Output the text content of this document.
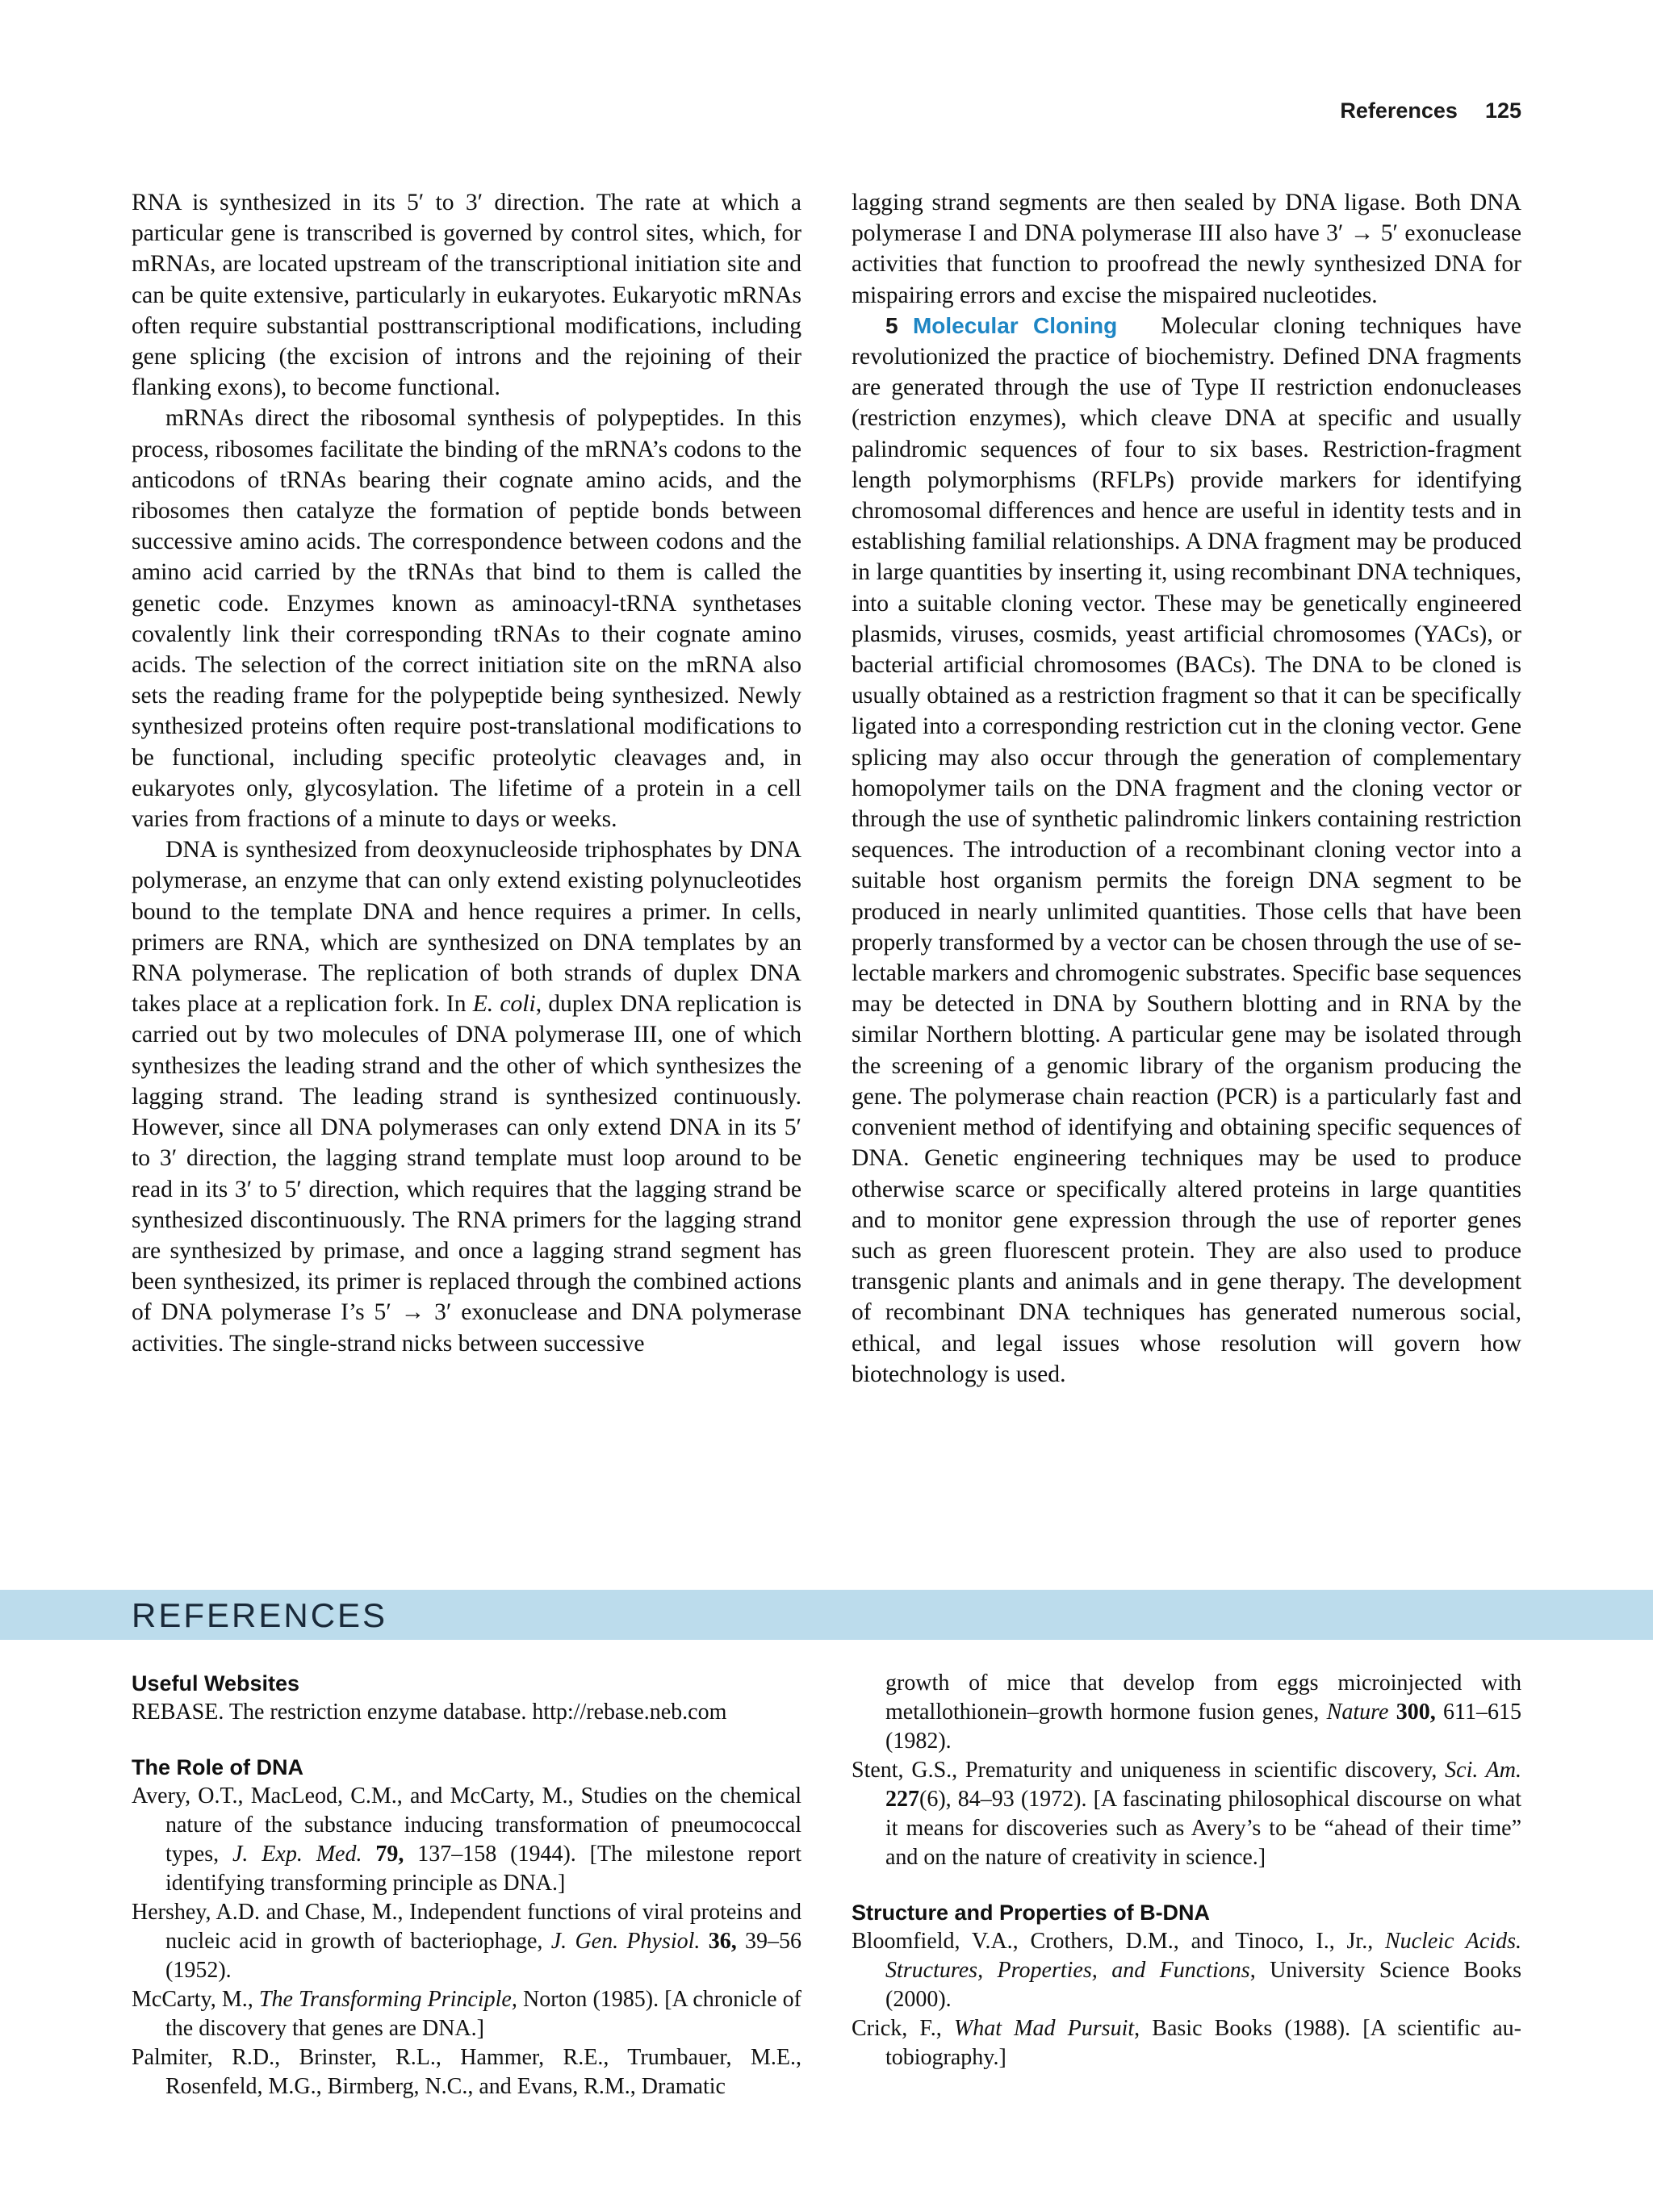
References 125

RNA is synthesized in its 5′ to 3′ direction. The rate at which a particular gene is transcribed is governed by control sites, which, for mRNAs, are located upstream of the transcriptional initiation site and can be quite extensive, particularly in eukaryotes. Eukaryotic mRNAs often require substantial posttranscriptional modifications, including gene splicing (the excision of introns and the rejoining of their flanking exons), to become functional.

mRNAs direct the ribosomal synthesis of polypeptides. In this process, ribosomes facilitate the binding of the mRNA’s codons to the anticodons of tRNAs bearing their cognate amino acids, and the ribosomes then catalyze the formation of peptide bonds between successive amino acids. The correspondence between codons and the amino acid carried by the tRNAs that bind to them is called the genetic code. Enzymes known as aminoacyl-tRNA synthetases covalently link their corresponding tRNAs to their cognate amino acids. The selection of the correct initiation site on the mRNA also sets the reading frame for the polypeptide being synthesized. Newly synthesized proteins often require post-translational modifications to be functional, including specific proteolytic cleavages and, in eukaryotes only, glycosylation. The lifetime of a protein in a cell varies from fractions of a minute to days or weeks.

DNA is synthesized from deoxynucleoside triphosphates by DNA polymerase, an enzyme that can only extend existing polynucleotides bound to the template DNA and hence requires a primer. In cells, primers are RNA, which are synthesized on DNA templates by an RNA polymerase. The replication of both strands of duplex DNA takes place at a replication fork. In E. coli, duplex DNA replication is carried out by two molecules of DNA polymerase III, one of which synthesizes the leading strand and the other of which synthesizes the lagging strand. The leading strand is synthesized continuously. However, since all DNA polymerases can only extend DNA in its 5′ to 3′ direction, the lagging strand template must loop around to be read in its 3′ to 5′ direction, which requires that the lagging strand be synthesized discontinuously. The RNA primers for the lagging strand are synthesized by primase, and once a lagging strand segment has been synthesized, its primer is replaced through the combined actions of DNA polymerase I’s 5′ → 3′ exonuclease and DNA polymerase activities. The single-strand nicks between successive

lagging strand segments are then sealed by DNA ligase. Both DNA polymerase I and DNA polymerase III also have 3′ → 5′ exonuclease activities that function to proofread the newly synthesized DNA for mispairing errors and excise the mispaired nucleotides.

5 Molecular Cloning Molecular cloning techniques have revolutionized the practice of biochemistry. Defined DNA fragments are generated through the use of Type II restriction endonucleases (restriction enzymes), which cleave DNA at specific and usually palindromic sequences of four to six bases. Restriction-fragment length polymorphisms (RFLPs) provide markers for identifying chromosomal differences and hence are useful in identity tests and in establishing familial relationships. A DNA fragment may be produced in large quantities by inserting it, using recombinant DNA techniques, into a suitable cloning vector. These may be genetically engineered plasmids, viruses, cosmids, yeast artificial chromosomes (YACs), or bacterial artificial chromosomes (BACs). The DNA to be cloned is usually obtained as a restriction fragment so that it can be specifically ligated into a corresponding restriction cut in the cloning vector. Gene splicing may also occur through the generation of complementary homopolymer tails on the DNA fragment and the cloning vector or through the use of synthetic palindromic linkers containing restriction sequences. The introduction of a recombinant cloning vector into a suitable host organism permits the foreign DNA segment to be produced in nearly unlimited quantities. Those cells that have been properly transformed by a vector can be chosen through the use of selectable markers and chromogenic substrates. Specific base sequences may be detected in DNA by Southern blotting and in RNA by the similar Northern blotting. A particular gene may be isolated through the screening of a genomic library of the organism producing the gene. The polymerase chain reaction (PCR) is a particularly fast and convenient method of identifying and obtaining specific sequences of DNA. Genetic engineering techniques may be used to produce otherwise scarce or specifically altered proteins in large quantities and to monitor gene expression through the use of reporter genes such as green fluorescent protein. They are also used to produce transgenic plants and animals and in gene therapy. The development of recombinant DNA techniques has generated numerous social, ethical, and legal issues whose resolution will govern how biotechnology is used.

REFERENCES
Useful Websites
REBASE. The restriction enzyme database. http://rebase.neb.com
The Role of DNA
Avery, O.T., MacLeod, C.M., and McCarty, M., Studies on the chemical nature of the substance inducing transformation of pneumococcal types, J. Exp. Med. 79, 137–158 (1944). [The milestone report identifying transforming principle as DNA.]
Hershey, A.D. and Chase, M., Independent functions of viral proteins and nucleic acid in growth of bacteriophage, J. Gen. Physiol. 36, 39–56 (1952).
McCarty, M., The Transforming Principle, Norton (1985). [A chronicle of the discovery that genes are DNA.]
Palmiter, R.D., Brinster, R.L., Hammer, R.E., Trumbauer, M.E., Rosenfeld, M.G., Birmberg, N.C., and Evans, R.M., Dramatic
growth of mice that develop from eggs microinjected with metallothionein–growth hormone fusion genes, Nature 300, 611–615 (1982).
Stent, G.S., Prematurity and uniqueness in scientific discovery, Sci. Am. 227(6), 84–93 (1972). [A fascinating philosophical discourse on what it means for discoveries such as Avery’s to be “ahead of their time” and on the nature of creativity in science.]
Structure and Properties of B-DNA
Bloomfield, V.A., Crothers, D.M., and Tinoco, I., Jr., Nucleic Acids. Structures, Properties, and Functions, University Science Books (2000).
Crick, F., What Mad Pursuit, Basic Books (1988). [A scientific autobiography.]
